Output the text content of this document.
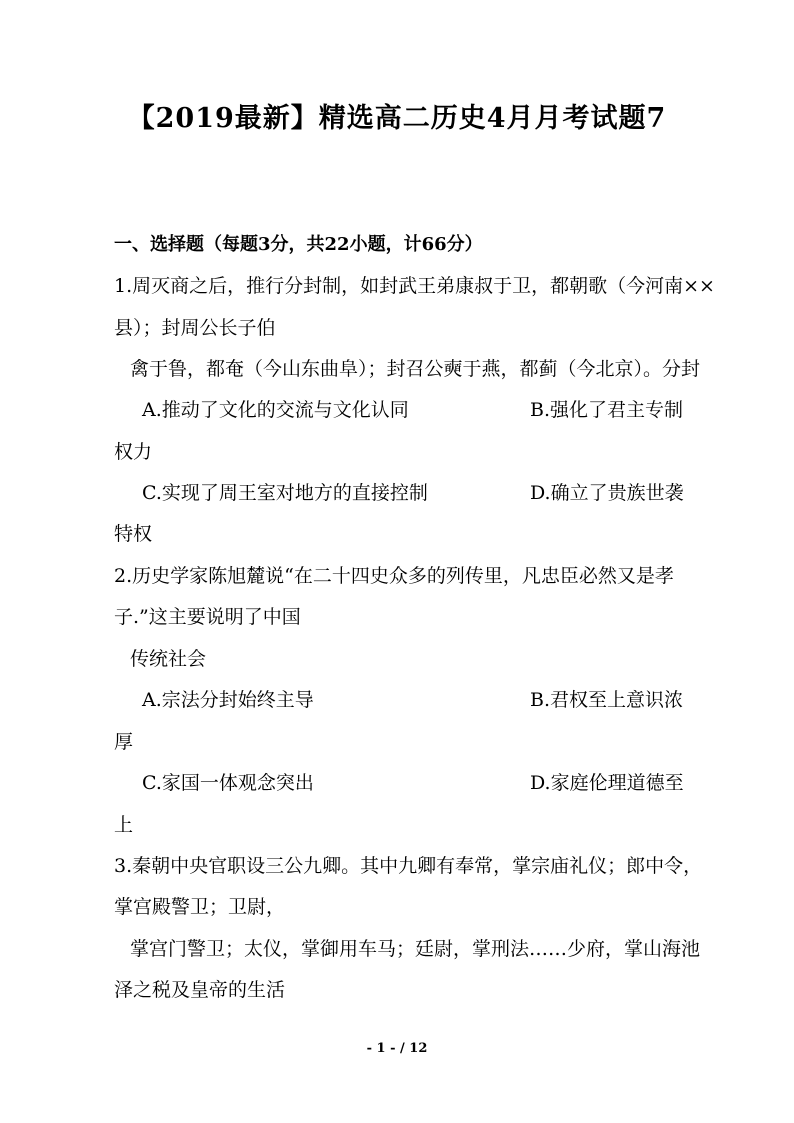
【2019最新】精选高二历史4月月考试题7
一、选择题（每题3分，共22小题，计66分）
1.周灭商之后，推行分封制，如封武王弟康叔于卫，都朝歌（今河南××
县）；封周公长子伯
禽于鲁，都奄（今山东曲阜）；封召公奭于燕，都蓟（今北京）。分封
A.推动了文化的交流与文化认同	B.强化了君主专制
权力
C.实现了周王室对地方的直接控制	D.确立了贵族世袭
特权
2.历史学家陈旭麓说“在二十四史众多的列传里，凡忠臣必然又是孝
子.”这主要说明了中国
传统社会
A.宗法分封始终主导	B.君权至上意识浓
厚
C.家国一体观念突出	D.家庭伦理道德至
上
3.秦朝中央官职设三公九卿。其中九卿有奉常，掌宗庙礼仪；郎中令，
掌宫殿警卫；卫尉，
掌宫门警卫；太仪，掌御用车马；廷尉，掌刑法……少府，掌山海池
泽之税及皇帝的生活
- 1 - / 12
